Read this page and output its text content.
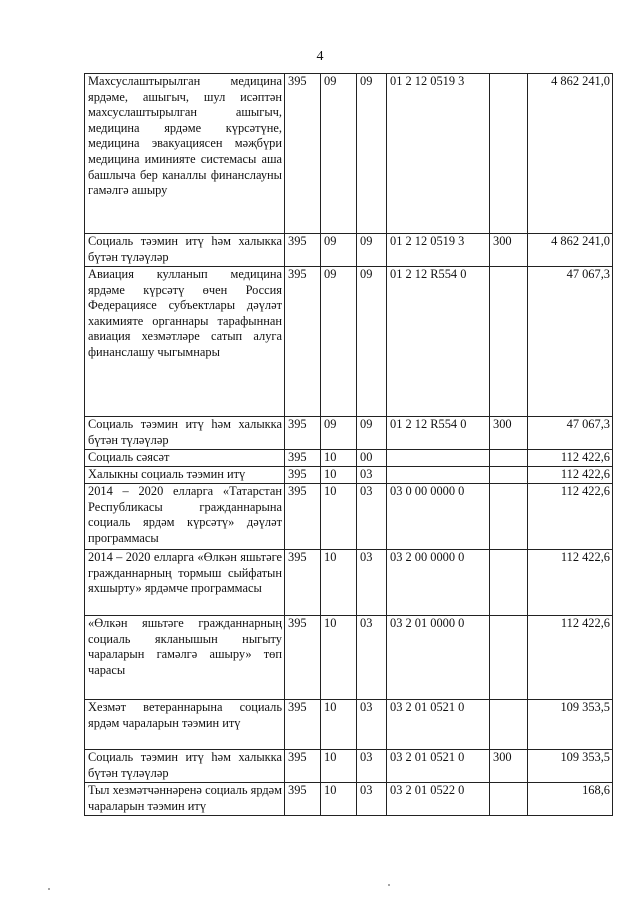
4
Махсуслаштырылган медицина ярдәме, ашыгыч, шул исәптән махсуслаштырылган ашыгыч, медицина ярдәме күрсәтүне, медицина эвакуациясен мәҗбүри медицина иминияте системасы аша башлыча бер каналлы финанслауны гамәлгә ашыру	395	09	09	01 2 12 0519 3		4 862 241,0
Социаль тәэмин итү һәм халыкка бүтән түләүләр	395	09	09	01 2 12 0519 3	300	4 862 241,0
Авиация кулланып медицина ярдәме күрсәтү өчен Россия Федерациясе субъектлары дәүләт хакимияте органнары тарафыннан авиация хезмәтләре сатып алуга финанслашу чыгымнары	395	09	09	01 2 12 R554 0		47 067,3
Социаль тәэмин итү һәм халыкка бүтән түләүләр	395	09	09	01 2 12 R554 0	300	47 067,3
Социаль сәясәт	395	10	00			112 422,6
Халыкны социаль тәэмин итү	395	10	03			112 422,6
2014 – 2020 елларга «Татарстан Республикасы гражданнарына социаль ярдәм күрсәтү» дәүләт программасы	395	10	03	03 0 00 0000 0		112 422,6
2014 – 2020 елларга «Өлкән яшьтәге гражданнарның тормыш сыйфатын яхшырту» ярдәмче программасы	395	10	03	03 2 00 0000 0		112 422,6
«Өлкән яшьтәге гражданнарның социаль якланышын ныгыту чараларын гамәлгә ашыру» төп чарасы	395	10	03	03 2 01 0000 0		112 422,6
Хезмәт ветераннарына социаль ярдәм чараларын тәэмин итү	395	10	03	03 2 01 0521 0		109 353,5
Социаль тәэмин итү һәм халыкка бүтән түләүләр	395	10	03	03 2 01 0521 0	300	109 353,5
Тыл хезмәтчәннәренә социаль ярдәм чараларын тәэмин итү	395	10	03	03 2 01 0522 0		168,6
